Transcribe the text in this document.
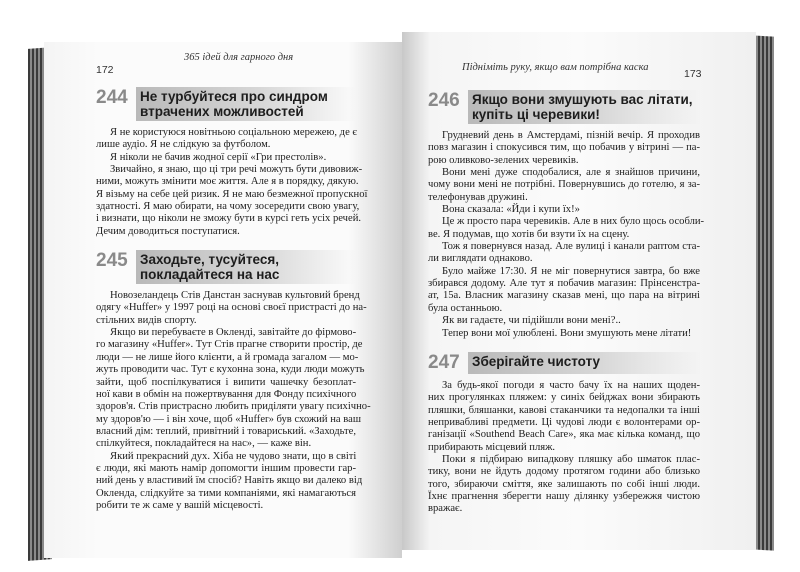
365 ідей для гарного дня
172
244 Не турбуйтеся про синдром втрачених можливостей
Я не користуюся новітньою соціальною мережею, де є
лише аудіо. Я не слідкую за футболом.
Я ніколи не бачив жодної серії «Гри престолів».
Звичайно, я знаю, що ці три речі можуть бути дивовиж-
ними, можуть змінити моє життя. Але я в порядку, дякую.
Я візьму на себе цей ризик. Я не маю безмежної пропускної
здатності. Я маю обирати, на чому зосередити свою увагу,
і визнати, що ніколи не зможу бути в курсі геть усіх речей.
Дечим доводиться поступатися.
245 Заходьте, тусуйтеся, покладайтеся на нас
Новозеландець Стів Данстан заснував культовий бренд
одягу «Huffer» у 1997 році на основі своєї пристрасті до на-
стільних видів спорту.
Якщо ви перебуваєте в Окленді, завітайте до фірмово-
го магазину «Huffer». Тут Стів прагне створити простір, де
люди — не лише його клієнти, а й громада загалом — мо-
жуть проводити час. Тут є кухонна зона, куди люди можуть
зайти, щоб поспілкуватися і випити чашечку безоплат-
ної кави в обмін на пожертвування для Фонду психічного
здоров'я. Стів пристрасно любить приділяти увагу психічно-
му здоров'ю — і він хоче, щоб «Huffer» був схожий на ваш
власний дім: теплий, привітний і товариський. «Заходьте,
спілкуйтеся, покладайтеся на нас», — каже він.
Який прекрасний дух. Хіба не чудово знати, що в світі
є люди, які мають намір допомогти іншим провести гар-
ний день у властивий їм спосіб? Навіть якщо ви далеко від
Окленда, слідкуйте за тими компаніями, які намагаються
робити те ж саме у вашій місцевості.
Підніміть руку, якщо вам потрібна каска
173
246 Якщо вони змушують вас літати, купіть ці черевики!
Грудневий день в Амстердамі, пізній вечір. Я проходив
повз магазин і спокусився тим, що побачив у вітрині — па-
рою оливково-зелених черевиків.
Вони мені дуже сподобалися, але я знайшов причини,
чому вони мені не потрібні. Повернувшись до готелю, я за-
телефонував дружині.
Вона сказала: «Йди і купи їх!»
Це ж просто пара черевиків. Але в них було щось особли-
ве. Я подумав, що хотів би взути їх на сцену.
Тож я повернувся назад. Але вулиці і канали раптом ста-
ли виглядати однаково.
Було майже 17:30. Я не міг повернутися завтра, бо вже
збирався додому. Але тут я побачив магазин: Прінсенстра-
ат, 15а. Власник магазину сказав мені, що пара на вітрині
була останньою.
Як ви гадаєте, чи підійшли вони мені?..
Тепер вони мої улюблені. Вони змушують мене літати!
247 Зберігайте чистоту
За будь-якої погоди я часто бачу їх на наших щоден-
них прогулянках пляжем: у синіх бейджах вони збирають
пляшки, бляшанки, кавові стаканчики та недопалки та інші
непривабливі предмети. Ці чудові люди є волонтерами ор-
ганізації «Southend Beach Care», яка має кілька команд, що
прибирають місцевий пляж.
Поки я підбираю випадкову пляшку або шматок плас-
тику, вони не йдуть додому протягом години або близько
того, збираючи сміття, яке залишають по собі інші люди.
Їхнє прагнення зберегти нашу ділянку узбережжя чистою
вражає.
